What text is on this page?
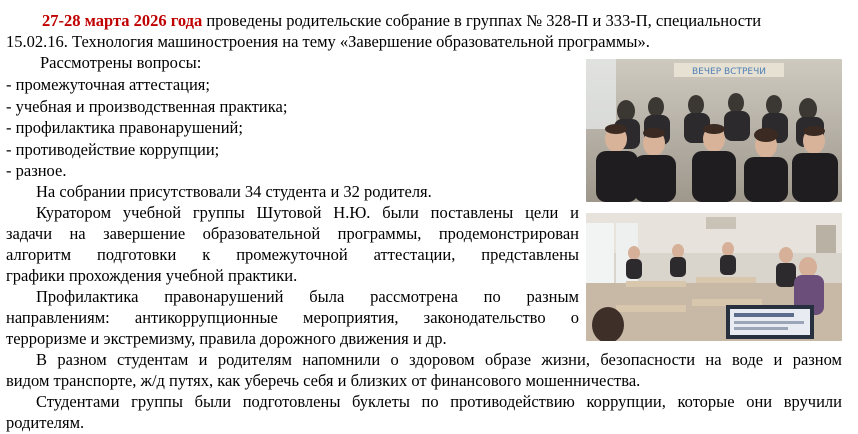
27-28 марта 2026 года проведены родительские собрание в группах № 328-П и 333-П, специальности
15.02.16. Технология машиностроения на тему «Завершение образовательной программы».
Рассмотрены вопросы:
- промежуточная аттестация;
- учебная и производственная практика;
- профилактика правонарушений;
- противодействие коррупции;
- разное.
На собрании присутствовали 34 студента и 32 родителя.
Куратором учебной группы Шутовой Н.Ю. были поставлены цели и
задачи на завершение образовательной программы, продемонстрирован
алгоритм подготовки к промежуточной аттестации, представлены
графики прохождения учебной практики.
Профилактика правонарушений была рассмотрена по разным
направлениям: антикоррупционные мероприятия, законодательство о
терроризме и экстремизму, правила дорожного движения и др.
В разном студентам и родителям напомнили о здоровом образе жизни, безопасности на воде и разном
видом транспорте, ж/д путях, как уберечь себя и близких от финансового мошенничества.
Студентами группы были подготовлены буклеты по противодействию коррупции, которые они вручили
родителям.
ВЕЧЕР ВСТРЕЧИ
